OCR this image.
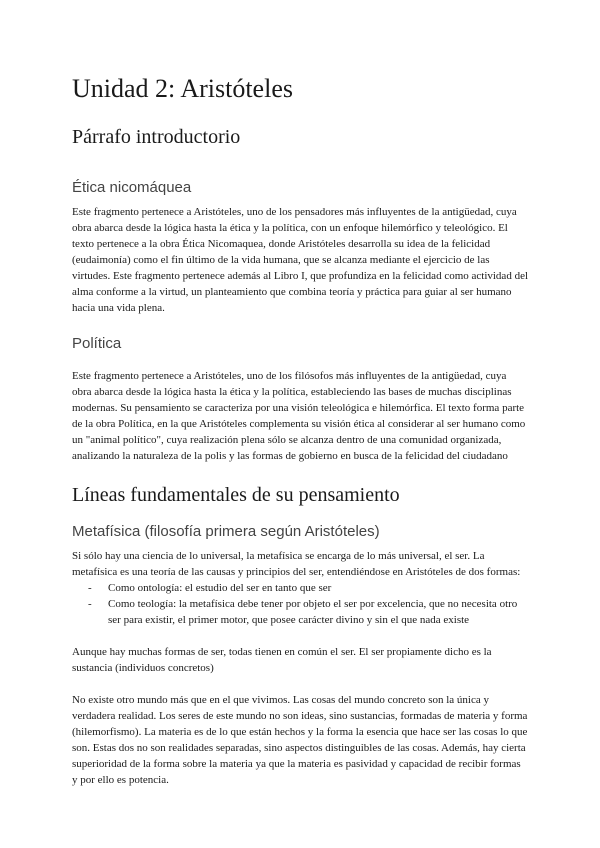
Unidad 2: Aristóteles
Párrafo introductorio
Ética nicomáquea

Este fragmento pertenece a Aristóteles, uno de los pensadores más influyentes de la antigüedad, cuya obra abarca desde la lógica hasta la ética y la política, con un enfoque hilemórfico y teleológico. El texto pertenece a la obra Ética Nicomaquea, donde Aristóteles desarrolla su idea de la felicidad (eudaimonía) como el fin último de la vida humana, que se alcanza mediante el ejercicio de las virtudes. Este fragmento pertenece además al Libro I, que profundiza en la felicidad como actividad del alma conforme a la virtud, un planteamiento que combina teoría y práctica para guiar al ser humano hacia una vida plena.

Política

Este fragmento pertenece a Aristóteles, uno de los filósofos más influyentes de la antigüedad, cuya obra abarca desde la lógica hasta la ética y la política, estableciendo las bases de muchas disciplinas modernas. Su pensamiento se caracteriza por una visión teleológica e hilemórfica. El texto forma parte de la obra Política, en la que Aristóteles complementa su visión ética al considerar al ser humano como un "animal político", cuya realización plena sólo se alcanza dentro de una comunidad organizada, analizando la naturaleza de la polis y las formas de gobierno en busca de la felicidad del ciudadano

Líneas fundamentales de su pensamiento
Metafísica (filosofía primera según Aristóteles)

Si sólo hay una ciencia de lo universal, la metafísica se encarga de lo más universal, el ser. La metafísica es una teoría de las causas y principios del ser, entendiéndose en Aristóteles de dos formas:

- Como ontología: el estudio del ser en tanto que ser
- Como teología: la metafísica debe tener por objeto el ser por excelencia, que no necesita otro ser para existir, el primer motor, que posee carácter divino y sin el que nada existe

Aunque hay muchas formas de ser, todas tienen en común el ser. El ser propiamente dicho es la sustancia (individuos concretos)

No existe otro mundo más que en el que vivimos. Las cosas del mundo concreto son la única y verdadera realidad. Los seres de este mundo no son ideas, sino sustancias, formadas de materia y forma (hilemorfismo). La materia es de lo que están hechos y la forma la esencia que hace ser las cosas lo que son. Estas dos no son realidades separadas, sino aspectos distinguibles de las cosas. Además, hay cierta superioridad de la forma sobre la materia ya que la materia es pasividad y capacidad de recibir formas y por ello es potencia.
